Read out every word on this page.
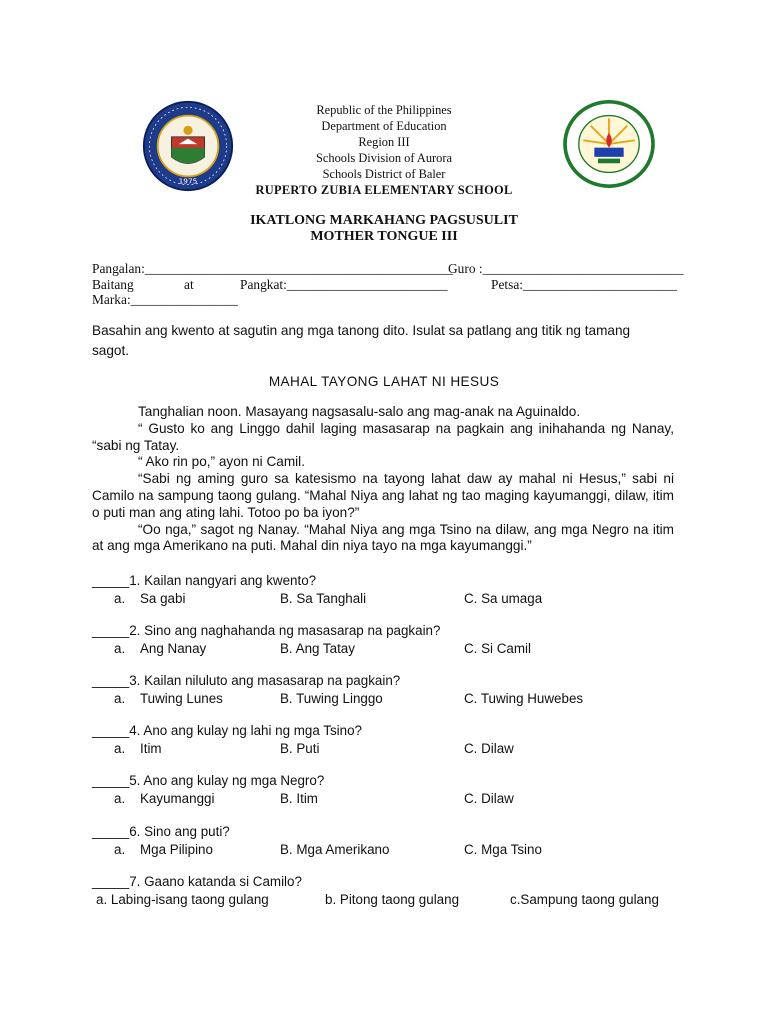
1975
Republic of the Philippines
Department of Education
Region III
Schools Division of Aurora
Schools District of Baler
RUPERTO ZUBIA ELEMENTARY SCHOOL
IKATLONG MARKAHANG PAGSUSULIT
MOTHER TONGUE III
Pangalan:______________________________________________
Guro :______________________________
Baitang	at	Pangkat:________________________	Petsa:_______________________
Marka:________________
Basahin ang kwento at sagutin ang mga tanong dito. Isulat sa patlang ang titik ng tamang sagot.
MAHAL TAYONG LAHAT NI HESUS

Tanghalian noon. Masayang nagsasalu-salo ang mag-anak na Aguinaldo.

“ Gusto ko ang Linggo dahil laging masasarap na pagkain ang inihahanda ng Nanay, “sabi ng Tatay.

“ Ako rin po,” ayon ni Camil.

“Sabi ng aming guro sa katesismo na tayong lahat daw ay mahal ni Hesus,” sabi ni Camilo na sampung taong gulang. “Mahal Niya ang lahat ng tao maging kayumanggi, dilaw, itim o puti man ang ating lahi. Totoo po ba iyon?”

“Oo nga,” sagot ng Nanay. “Mahal Niya ang mga Tsino na dilaw, ang mga Negro na itim at ang mga Amerikano na puti. Mahal din niya tayo na mga kayumanggi.”

_____1. Kailan nangyari ang kwento?
a. Sa gabi	B. Sa Tanghali	C. Sa umaga
_____2. Sino ang naghahanda ng masasarap na pagkain?
a. Ang Nanay	B. Ang Tatay	C. Si Camil
_____3. Kailan niluluto ang masasarap na pagkain?
a. Tuwing Lunes	B. Tuwing Linggo	C. Tuwing Huwebes
_____4. Ano ang kulay ng lahi ng mga Tsino?
a. Itim	B. Puti	C. Dilaw
_____5. Ano ang kulay ng mga Negro?
a. Kayumanggi	B. Itim	C. Dilaw
_____6. Sino ang puti?
a. Mga Pilipino	B. Mga Amerikano	C. Mga Tsino
_____7. Gaano katanda si Camilo?
a. Labing-isang taong gulang	b. Pitong taong gulang	c.Sampung taong gulang
